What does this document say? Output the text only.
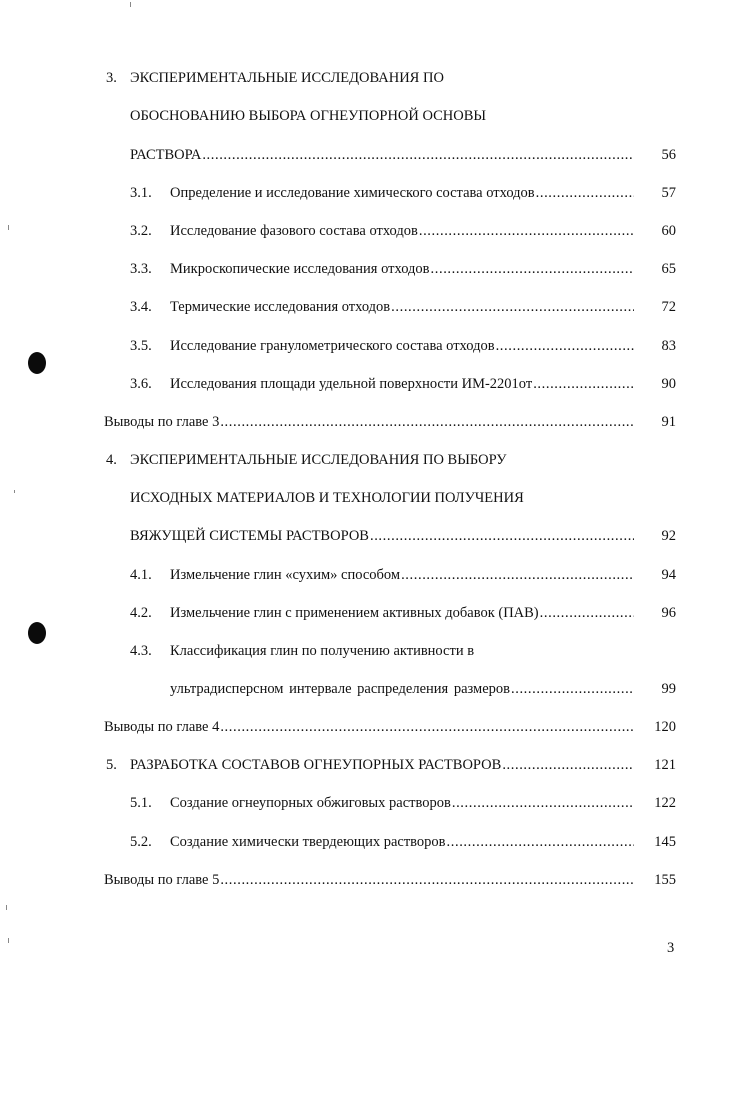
3. ЭКСПЕРИМЕНТАЛЬНЫЕ ИССЛЕДОВАНИЯ ПО
ОБОСНОВАНИЮ ВЫБОРА ОГНЕУПОРНОЙ ОСНОВЫ
РАСТВОРА .....	56
3.1.	Определение и исследование химического состава отходов .....	57
3.2.	Исследование фазового состава отходов .....	60
3.3.	Микроскопические исследования отходов .....	65
3.4.	Термические исследования отходов .....	72
3.5.	Исследование гранулометрического состава отходов .....	83
3.6.	Исследования площади удельной поверхности ИМ-2201от .....	90
Выводы по главе 3 .....	91
4. ЭКСПЕРИМЕНТАЛЬНЫЕ ИССЛЕДОВАНИЯ ПО ВЫБОРУ
ИСХОДНЫХ МАТЕРИАЛОВ И ТЕХНОЛОГИИ ПОЛУЧЕНИЯ
ВЯЖУЩЕЙ СИСТЕМЫ РАСТВОРОВ .....	92
4.1.	Измельчение глин «сухим» способом .....	94
4.2.	Измельчение глин с применением активных добавок (ПАВ) .....	96
4.3.	Классификация глин по получению активности в
ультрадисперсном интервале распределения размеров .....	99
Выводы по главе 4 .....	120
5. РАЗРАБОТКА СОСТАВОВ ОГНЕУПОРНЫХ РАСТВОРОВ .....	121
5.1.	Создание огнеупорных обжиговых растворов .....	122
5.2.	Создание химически твердеющих растворов .....	145
Выводы по главе 5 .....	155
3
